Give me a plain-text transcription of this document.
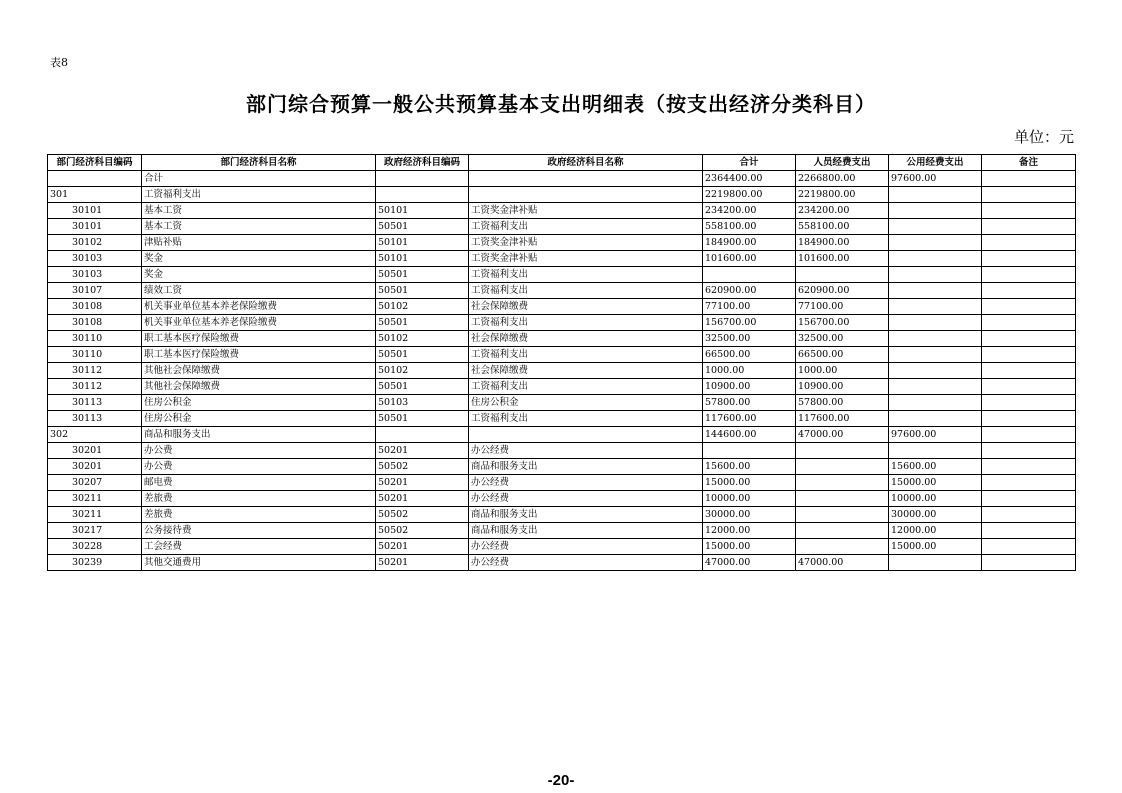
表8
部门综合预算一般公共预算基本支出明细表（按支出经济分类科目）
单位：元
部门经济科目编码	部门经济科目名称	政府经济科目编码	政府经济科目名称	合计	人员经费支出	公用经费支出	备注
	合计			2364400.00	2266800.00	97600.00	
301	工资福利支出			2219800.00	2219800.00		
30101	基本工资	50101	工资奖金津补贴	234200.00	234200.00		
30101	基本工资	50501	工资福利支出	558100.00	558100.00		
30102	津贴补贴	50101	工资奖金津补贴	184900.00	184900.00		
30103	奖金	50101	工资奖金津补贴	101600.00	101600.00		
30103	奖金	50501	工资福利支出				
30107	绩效工资	50501	工资福利支出	620900.00	620900.00		
30108	机关事业单位基本养老保险缴费	50102	社会保障缴费	77100.00	77100.00		
30108	机关事业单位基本养老保险缴费	50501	工资福利支出	156700.00	156700.00		
30110	职工基本医疗保险缴费	50102	社会保障缴费	32500.00	32500.00		
30110	职工基本医疗保险缴费	50501	工资福利支出	66500.00	66500.00		
30112	其他社会保障缴费	50102	社会保障缴费	1000.00	1000.00		
30112	其他社会保障缴费	50501	工资福利支出	10900.00	10900.00		
30113	住房公积金	50103	住房公积金	57800.00	57800.00		
30113	住房公积金	50501	工资福利支出	117600.00	117600.00		
302	商品和服务支出			144600.00	47000.00	97600.00	
30201	办公费	50201	办公经费				
30201	办公费	50502	商品和服务支出	15600.00		15600.00	
30207	邮电费	50201	办公经费	15000.00		15000.00	
30211	差旅费	50201	办公经费	10000.00		10000.00	
30211	差旅费	50502	商品和服务支出	30000.00		30000.00	
30217	公务接待费	50502	商品和服务支出	12000.00		12000.00	
30228	工会经费	50201	办公经费	15000.00		15000.00	
30239	其他交通费用	50201	办公经费	47000.00	47000.00		
-20-
